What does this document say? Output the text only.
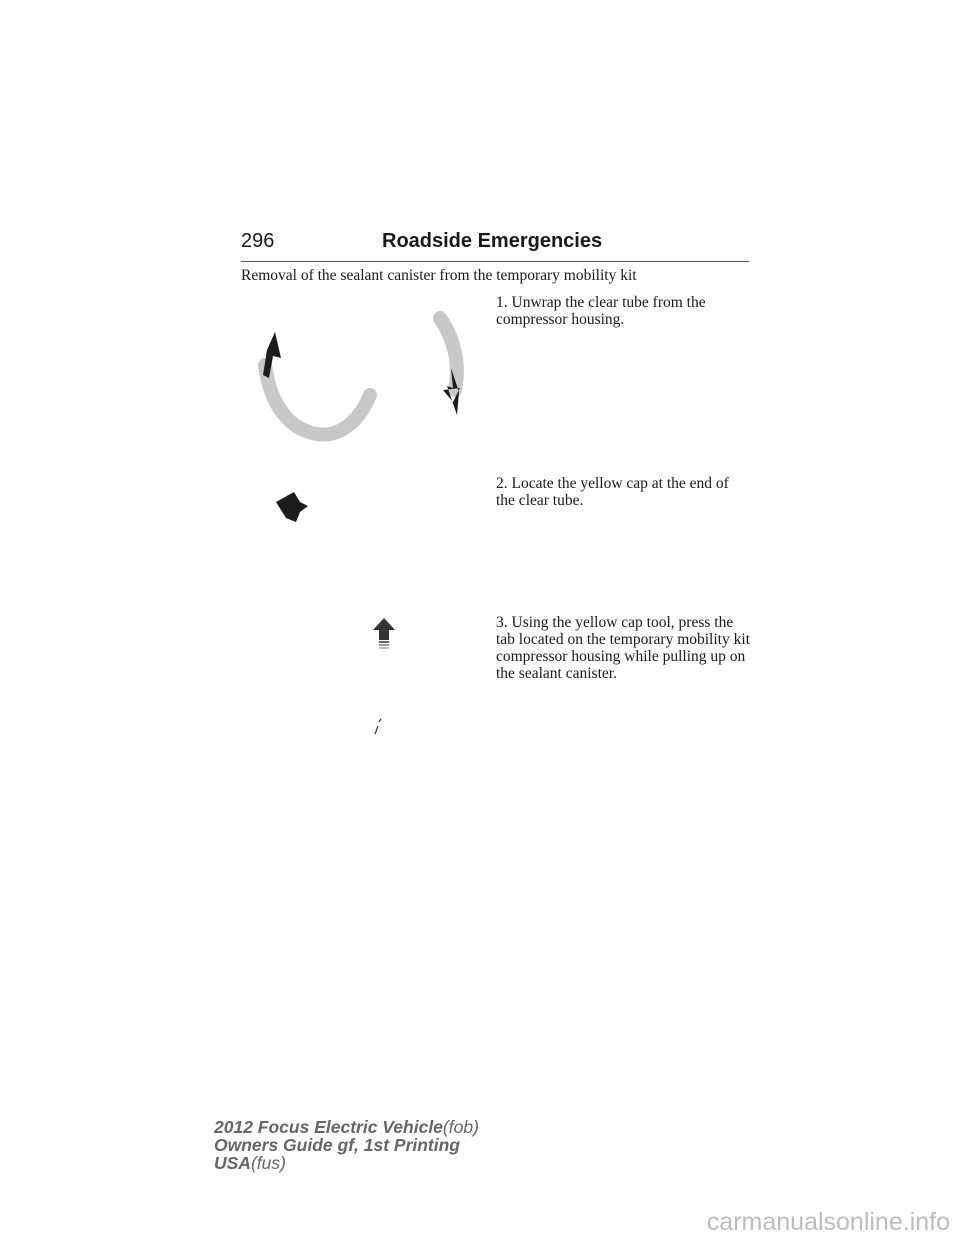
296	Roadside Emergencies
Removal of the sealant canister from the temporary mobility kit
1. Unwrap the clear tube from the compressor housing.
2. Locate the yellow cap at the end of the clear tube.
3. Using the yellow cap tool, press the tab located on the temporary mobility kit compressor housing while pulling up on the sealant canister.
2012 Focus Electric Vehicle(fob)
Owners Guide gf, 1st Printing
USA(fus)
carmanualsonline.info
